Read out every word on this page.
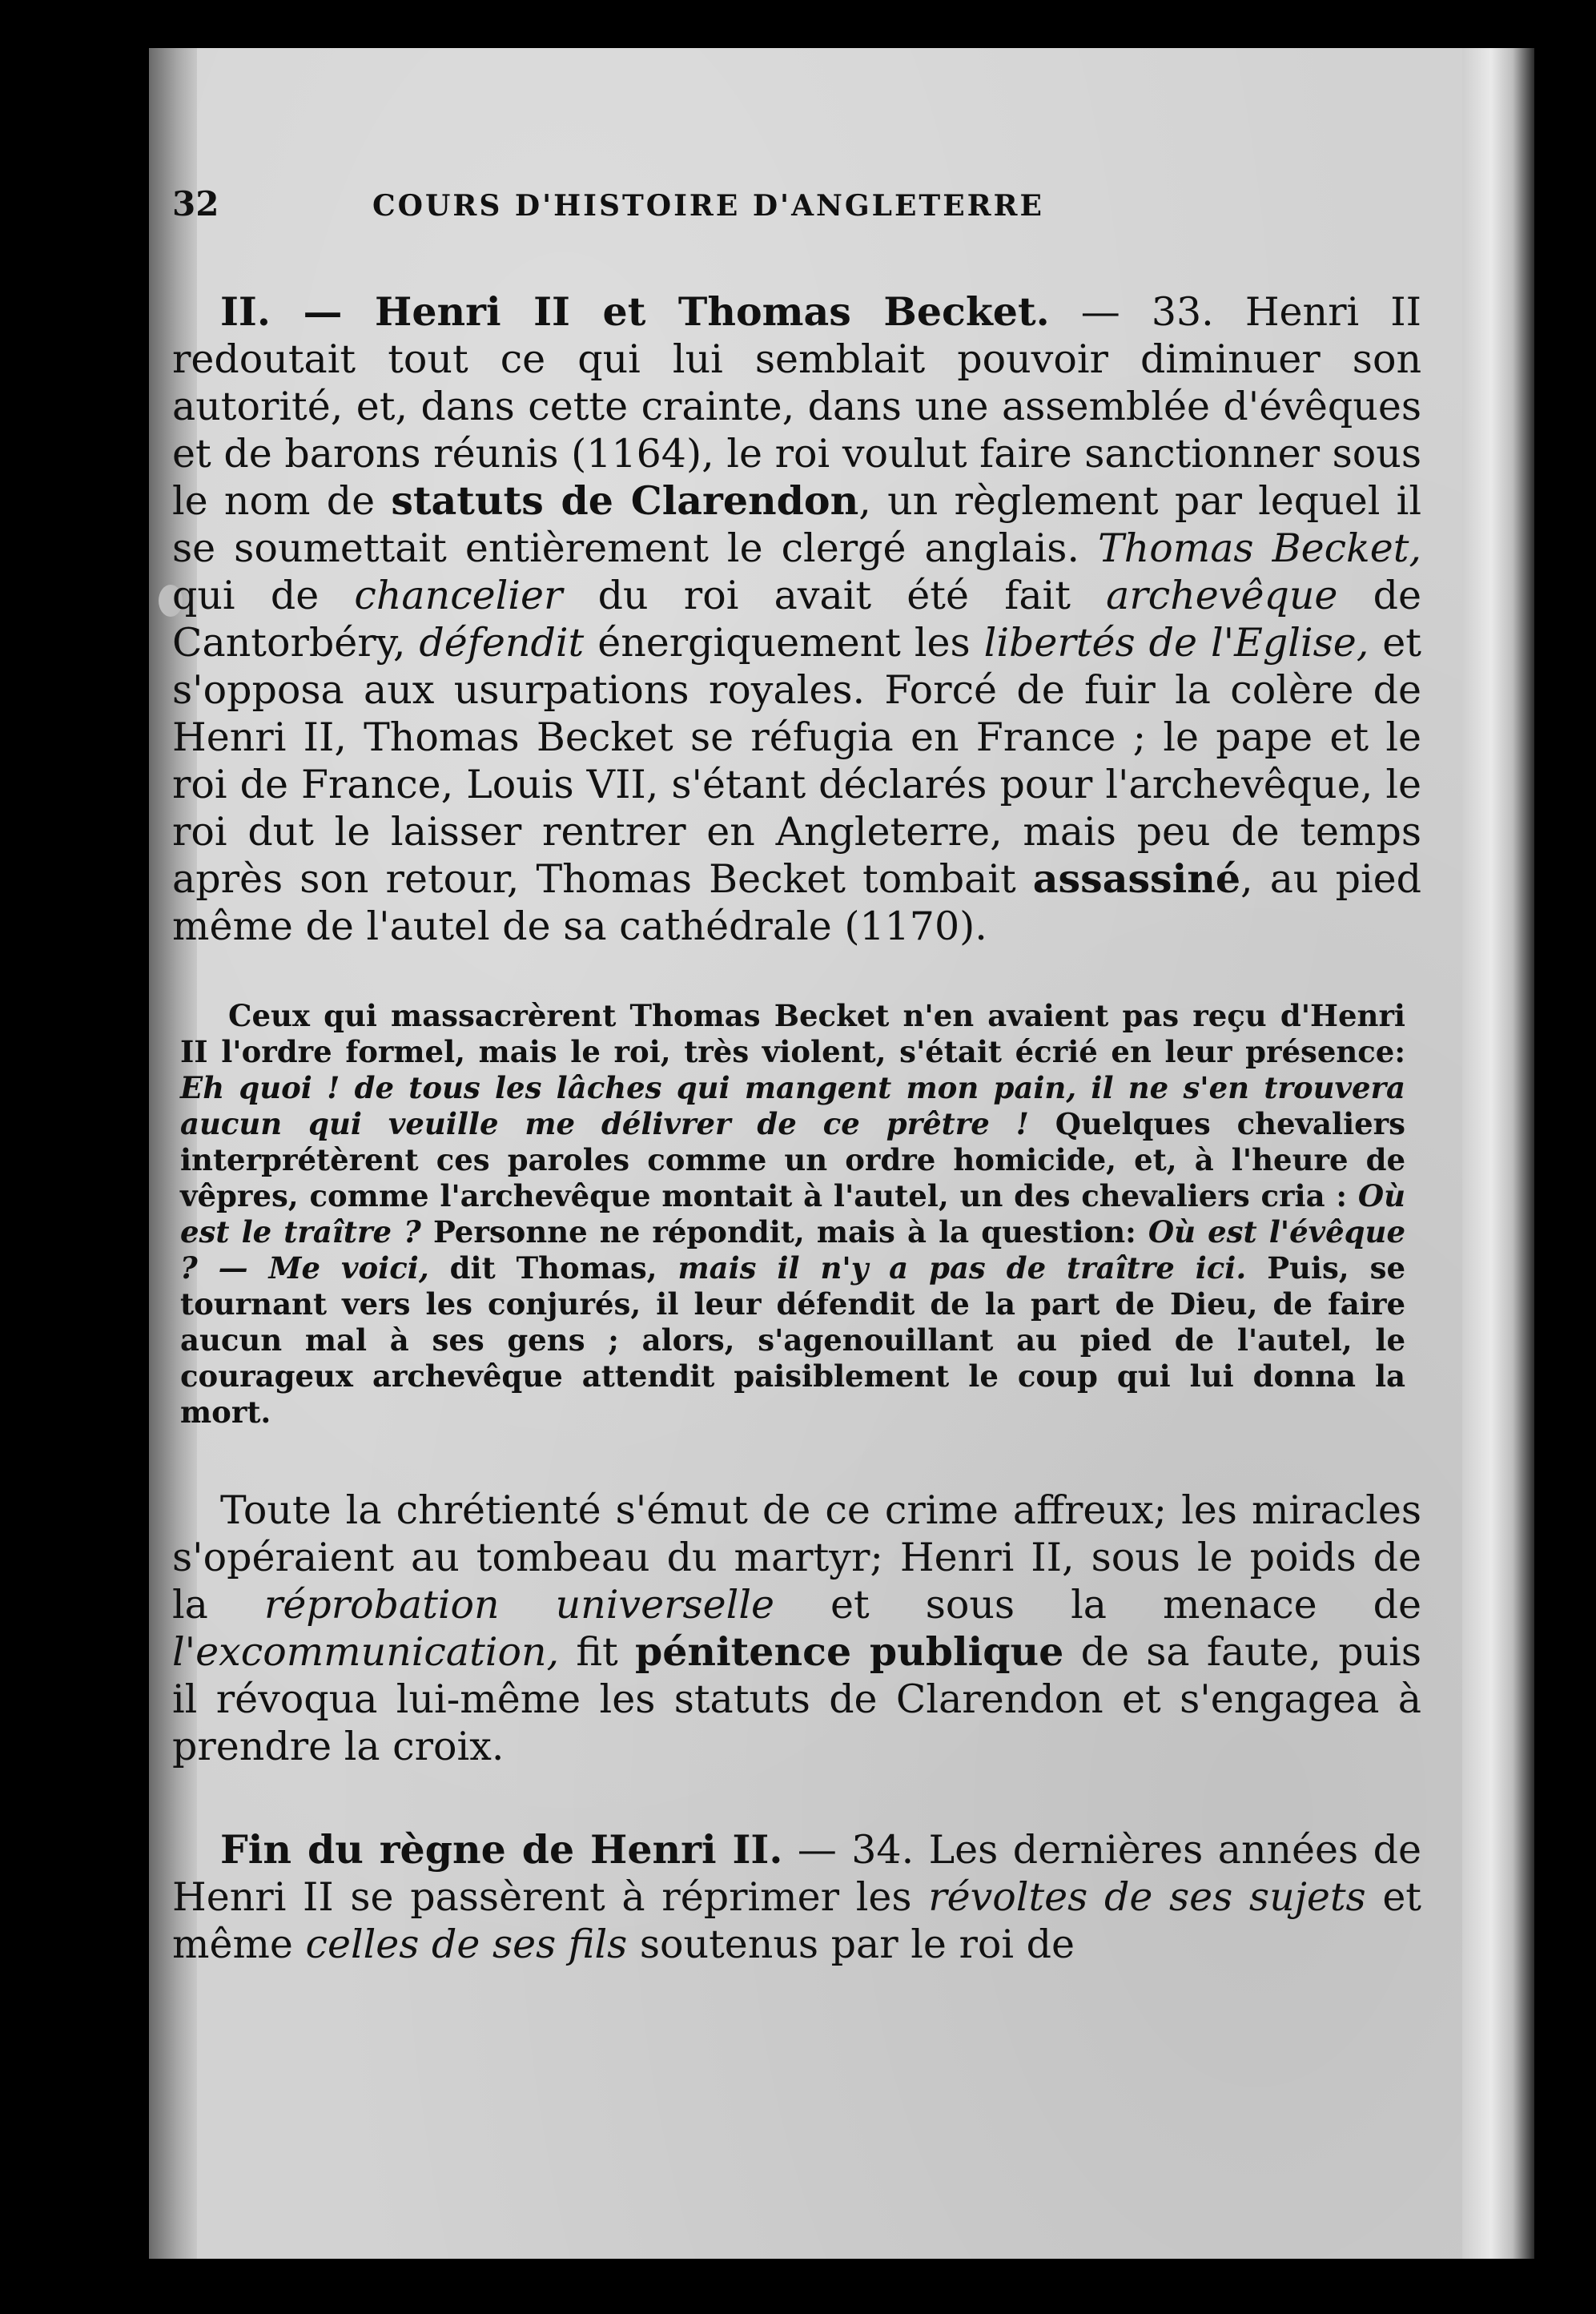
32	COURS D'HISTOIRE D'ANGLETERRE

II. — Henri II et Thomas Becket. — 33. Henri II redoutait tout ce qui lui semblait pouvoir diminuer son autorité, et, dans cette crainte, dans une assemblée d'évêques et de barons réunis (1164), le roi voulut faire sanctionner sous le nom de statuts de Clarendon, un règlement par lequel il se soumettait entièrement le clergé anglais. Thomas Becket, qui de chancelier du roi avait été fait archevêque de Cantorbéry, défendit énergiquement les libertés de l'Eglise, et s'opposa aux usurpations royales. Forcé de fuir la colère de Henri II, Thomas Becket se réfugia en France ; le pape et le roi de France, Louis VII, s'étant déclarés pour l'archevêque, le roi dut le laisser rentrer en Angleterre, mais peu de temps après son retour, Thomas Becket tombait assassiné, au pied même de l'autel de sa cathédrale (1170).

Ceux qui massacrèrent Thomas Becket n'en avaient pas reçu d'Henri II l'ordre formel, mais le roi, très violent, s'était écrié en leur présence: Eh quoi ! de tous les lâches qui mangent mon pain, il ne s'en trouvera aucun qui veuille me délivrer de ce prêtre ! Quelques chevaliers interprétèrent ces paroles comme un ordre homicide, et, à l'heure de vêpres, comme l'archevêque montait à l'autel, un des chevaliers cria : Où est le traître ? Personne ne répondit, mais à la question: Où est l'évêque ? — Me voici, dit Thomas, mais il n'y a pas de traître ici. Puis, se tournant vers les conjurés, il leur défendit de la part de Dieu, de faire aucun mal à ses gens ; alors, s'agenouillant au pied de l'autel, le courageux archevêque attendit paisiblement le coup qui lui donna la mort.

Toute la chrétienté s'émut de ce crime affreux; les miracles s'opéraient au tombeau du martyr; Henri II, sous le poids de la réprobation universelle et sous la menace de l'excommunication, fit pénitence publique de sa faute, puis il révoqua lui-même les statuts de Clarendon et s'engagea à prendre la croix.

Fin du règne de Henri II. — 34. Les dernières années de Henri II se passèrent à réprimer les révoltes de ses sujets et même celles de ses fils soutenus par le roi de
